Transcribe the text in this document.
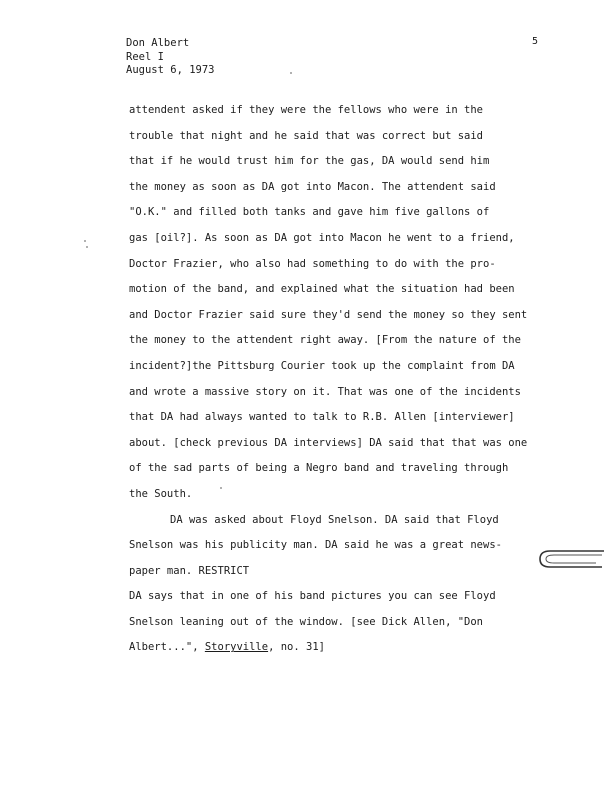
Don Albert
Reel I
August 6, 1973
5
attendent asked if they were the fellows who were in the
trouble that night and he said that was correct but said
that if he would trust him for the gas, DA would send him
the money as soon as DA got into Macon. The attendent said
"O.K." and filled both tanks and gave him five gallons of
gas [oil?]. As soon as DA got into Macon he went to a friend,
Doctor Frazier, who also had something to do with the pro-
motion of the band, and explained what the situation had been
and Doctor Frazier said sure they'd send the money so they sent
the money to the attendent right away. [From the nature of the
incident?]the Pittsburg Courier took up the complaint from DA
and wrote a massive story on it. That was one of the incidents
that DA had always wanted to talk to R.B. Allen [interviewer]
about. [check previous DA interviews] DA said that that was one
of the sad parts of being a Negro band and traveling through
the South.
DA was asked about Floyd Snelson. DA said that Floyd
Snelson was his publicity man. DA said he was a great news-
paper man. RESTRICT
DA says that in one of his band pictures you can see Floyd
Snelson leaning out of the window. [see Dick Allen, "Don
Albert...", Storyville, no. 31]
